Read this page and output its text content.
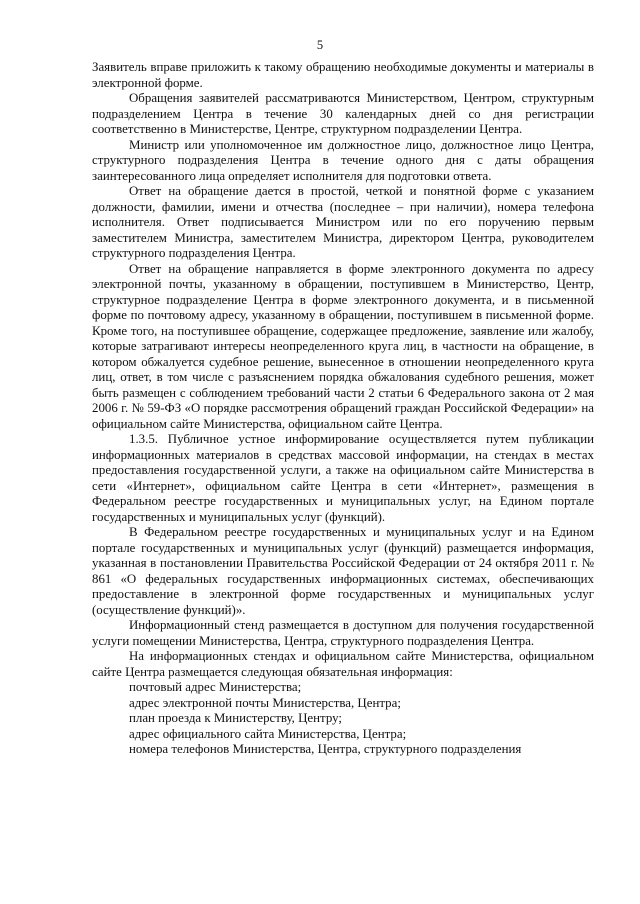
5

Заявитель вправе приложить к такому обращению необходимые документы и материалы в электронной форме.

Обращения заявителей рассматриваются Министерством, Центром, структурным подразделением Центра в течение 30 календарных дней со дня регистрации соответственно в Министерстве, Центре, структурном подразделении Центра.

Министр или уполномоченное им должностное лицо, должностное лицо Центра, структурного подразделения Центра в течение одного дня с даты обращения заинтересованного лица определяет исполнителя для подготовки ответа.

Ответ на обращение дается в простой, четкой и понятной форме с указанием должности, фамилии, имени и отчества (последнее – при наличии), номера телефона исполнителя. Ответ подписывается Министром или по его поручению первым заместителем Министра, заместителем Министра, директором Центра, руководителем структурного подразделения Центра.

Ответ на обращение направляется в форме электронного документа по адресу электронной почты, указанному в обращении, поступившем в Министерство, Центр, структурное подразделение Центра в форме электронного документа, и в письменной форме по почтовому адресу, указанному в обращении, поступившем в письменной форме. Кроме того, на поступившее обращение, содержащее предложение, заявление или жалобу, которые затрагивают интересы неопределенного круга лиц, в частности на обращение, в котором обжалуется судебное решение, вынесенное в отношении неопределенного круга лиц, ответ, в том числе с разъяснением порядка обжалования судебного решения, может быть размещен с соблюдением требований части 2 статьи 6 Федерального закона от 2 мая 2006 г. № 59-ФЗ «О порядке рассмотрения обращений граждан Российской Федерации» на официальном сайте Министерства, официальном сайте Центра.

1.3.5. Публичное устное информирование осуществляется путем публикации информационных материалов в средствах массовой информации, на стендах в местах предоставления государственной услуги, а также на официальном сайте Министерства в сети «Интернет», официальном сайте Центра в сети «Интернет», размещения в Федеральном реестре государственных и муниципальных услуг, на Едином портале государственных и муниципальных услуг (функций).

В Федеральном реестре государственных и муниципальных услуг и на Едином портале государственных и муниципальных услуг (функций) размещается информация, указанная в постановлении Правительства Российской Федерации от 24 октября 2011 г. № 861 «О федеральных государственных информационных системах, обеспечивающих предоставление в электронной форме государственных и муниципальных услуг (осуществление функций)».

Информационный стенд размещается в доступном для получения государственной услуги помещении Министерства, Центра, структурного подразделения Центра.

На информационных стендах и официальном сайте Министерства, официальном сайте Центра размещается следующая обязательная информация:

почтовый адрес Министерства;

адрес электронной почты Министерства, Центра;

план проезда к Министерству, Центру;

адрес официального сайта Министерства, Центра;

номера телефонов Министерства, Центра, структурного подразделения
